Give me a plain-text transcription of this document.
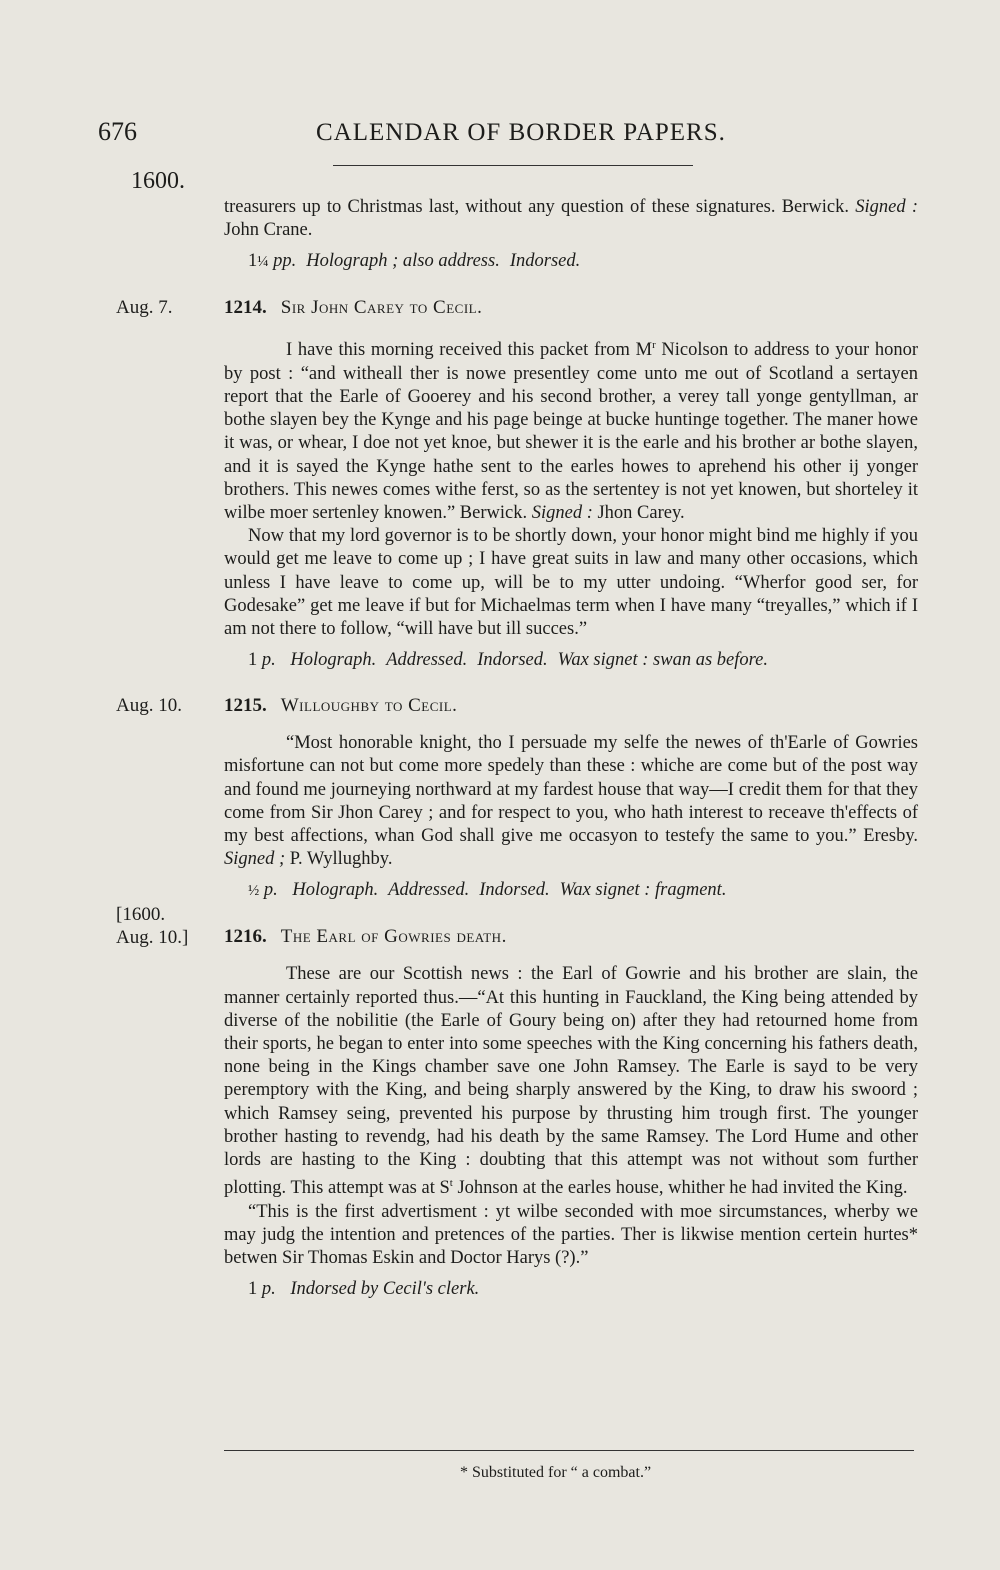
676	CALENDAR OF BORDER PAPERS.
1600.

treasurers up to Christmas last, without any question of these signatures. Berwick. Signed : John Crane.

1¼ pp. Holograph ; also address. Indorsed.

Aug. 7.	1214. Sir John Carey to Cecil.

I have this morning received this packet from $M^r$ Nicolson to address to your honor by post : “and witheall ther is nowe presentley come unto me out of Scotland a sertayen report that the Earle of Gooerey and his second brother, a verey tall yonge gentyllman, ar bothe slayen bey the Kynge and his page beinge at bucke huntinge together. The maner howe it was, or whear, I doe not yet knoe, but shewer it is the earle and his brother ar bothe slayen, and it is sayed the Kynge hathe sent to the earles howes to aprehend his other ij yonger brothers. This newes comes withe ferst, so as the sertentey is not yet knowen, but shorteley it wilbe moer sertenley knowen.” Berwick. Signed : Jhon Carey.

Now that my lord governor is to be shortly down, your honor might bind me highly if you would get me leave to come up ; I have great suits in law and many other occasions, which unless I have leave to come up, will be to my utter undoing. “Wherfor good ser, for Godesake” get me leave if but for Michaelmas term when I have many “treyalles,” which if I am not there to follow, “will have but ill succes.”

1 p. Holograph. Addressed. Indorsed. Wax signet : swan as before.

Aug. 10. 1215. Willoughby to Cecil.

“Most honorable knight, tho I persuade my selfe the newes of th'Earle of Gowries misfortune can not but come more spedely than these : whiche are come but of the post way and found me journeying northward at my fardest house that way—I credit them for that they come from Sir Jhon Carey ; and for respect to you, who hath interest to receave th'effects of my best affections, whan God shall give me occasyon to testefy the same to you.” Eresby. Signed ; P. Wyllughby.

½ p. Holograph. Addressed. Indorsed. Wax signet : fragment.

[1600.
Aug. 10.] 1216. The Earl of Gowries death.

These are our Scottish news : the Earl of Gowrie and his brother are slain, the manner certainly reported thus.—“At this hunting in Fauckland, the King being attended by diverse of the nobilitie (the Earle of Goury being on) after they had retourned home from their sports, he began to enter into some speeches with the King concerning his fathers death, none being in the Kings chamber save one John Ramsey. The Earle is sayd to be very peremptory with the King, and being sharply answered by the King, to draw his swoord ; which Ramsey seing, prevented his purpose by thrusting him trough first. The younger brother hasting to revendg, had his death by the same Ramsey. The Lord Hume and other lords are hasting to the King : doubting that this attempt was not without som further plotting. This attempt was at $S^t$ Johnson at the earles house, whither he had invited the King.

“This is the first advertisment : yt wilbe seconded with moe sircumstances, wherby we may judg the intention and pretences of the parties. Ther is likwise mention certein hurtes* betwen Sir Thomas Eskin and Doctor Harys (?).”

1 p. Indorsed by Cecil's clerk.

* Substituted for “ a combat.”
